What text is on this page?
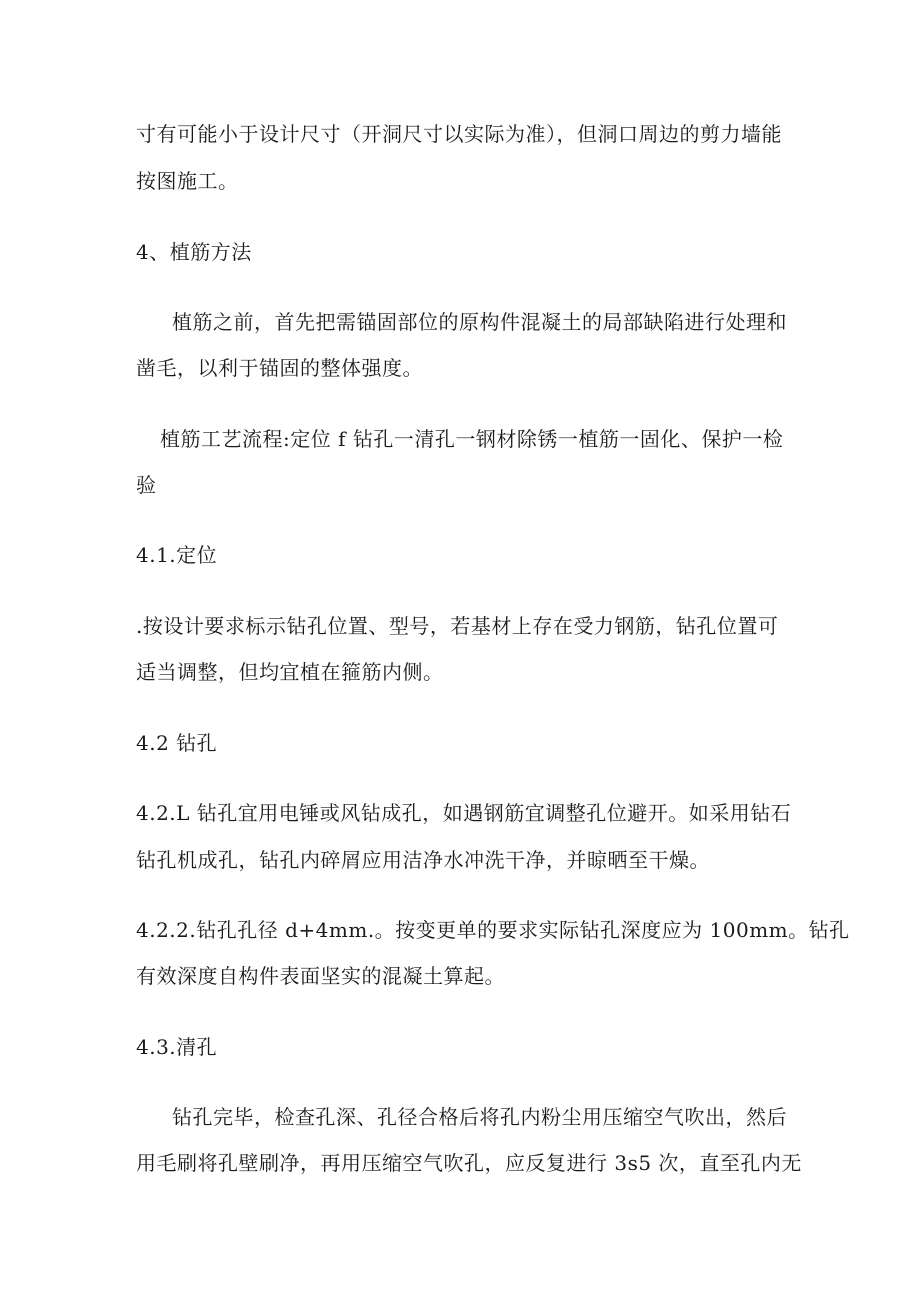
寸有可能小于设计尺寸（开洞尺寸以实际为准），但洞口周边的剪力墙能
按图施工。
4、植筋方法
植筋之前，首先把需锚固部位的原构件混凝土的局部缺陷进行处理和
凿毛，以利于锚固的整体强度。
植筋工艺流程:定位 f 钻孔一清孔一钢材除锈一植筋一固化、保护一检
验
4.1.定位
.按设计要求标示钻孔位置、型号，若基材上存在受力钢筋，钻孔位置可
适当调整，但均宜植在箍筋内侧。
4.2 钻孔
4.2.L 钻孔宜用电锤或风钻成孔，如遇钢筋宜调整孔位避开。如采用钻石
钻孔机成孔，钻孔内碎屑应用洁净水冲洗干净，并晾晒至干燥。
4.2.2.钻孔孔径 d+4mm.。按变更单的要求实际钻孔深度应为 100mm。钻孔
有效深度自构件表面坚实的混凝土算起。
4.3.清孔
钻孔完毕，检查孔深、孔径合格后将孔内粉尘用压缩空气吹出，然后
用毛刷将孔壁刷净，再用压缩空气吹孔，应反复进行 3s5 次，直至孔内无
